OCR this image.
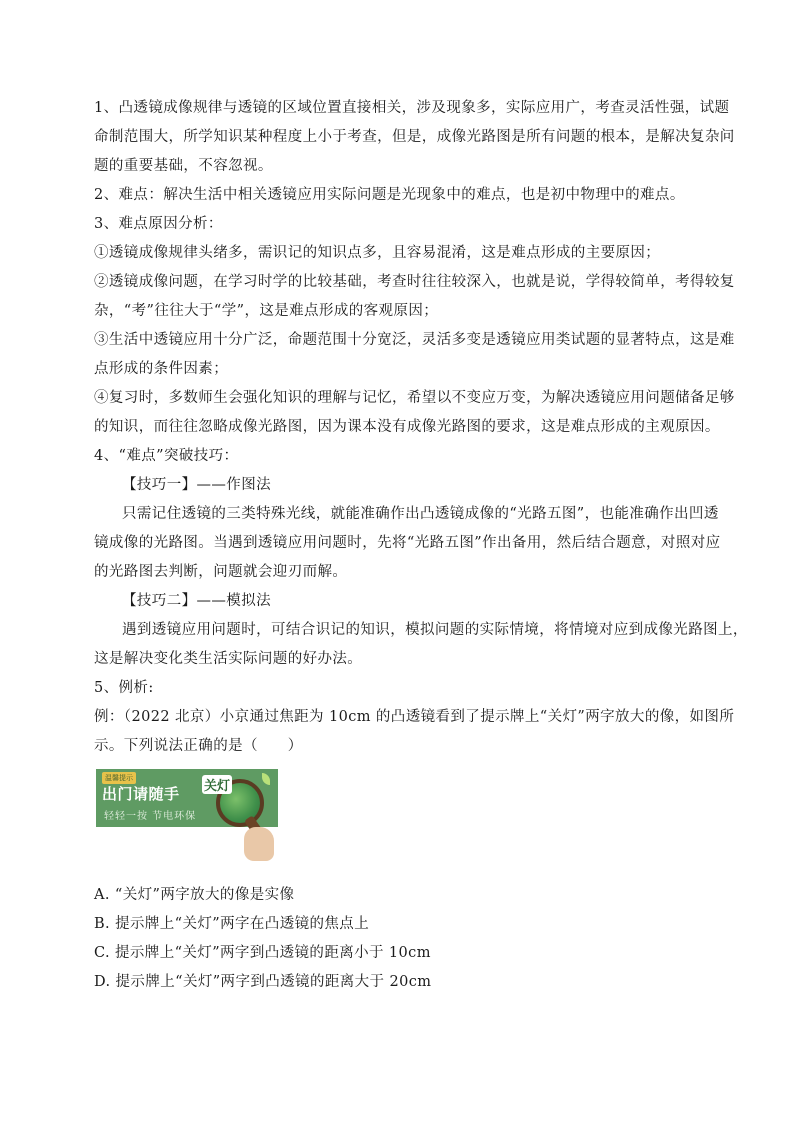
1、凸透镜成像规律与透镜的区域位置直接相关，涉及现象多，实际应用广，考查灵活性强，试题
命制范围大，所学知识某种程度上小于考查，但是，成像光路图是所有问题的根本，是解决复杂问
题的重要基础，不容忽视。
2、难点：解决生活中相关透镜应用实际问题是光现象中的难点，也是初中物理中的难点。
3、难点原因分析：
①透镜成像规律头绪多，需识记的知识点多，且容易混淆，这是难点形成的主要原因；
②透镜成像问题，在学习时学的比较基础，考查时往往较深入，也就是说，学得较简单，考得较复
杂，“考”往往大于“学”，这是难点形成的客观原因；
③生活中透镜应用十分广泛，命题范围十分宽泛，灵活多变是透镜应用类试题的显著特点，这是难
点形成的条件因素；
④复习时，多数师生会强化知识的理解与记忆，希望以不变应万变，为解决透镜应用问题储备足够
的知识，而往往忽略成像光路图，因为课本没有成像光路图的要求，这是难点形成的主观原因。
4、“难点”突破技巧：
【技巧一】——作图法
只需记住透镜的三类特殊光线，就能准确作出凸透镜成像的“光路五图”，也能准确作出凹透
镜成像的光路图。当遇到透镜应用问题时，先将“光路五图”作出备用，然后结合题意，对照对应
的光路图去判断，问题就会迎刃而解。
【技巧二】——模拟法
遇到透镜应用问题时，可结合识记的知识，模拟问题的实际情境，将情境对应到成像光路图上，
这是解决变化类生活实际问题的好办法。
5、例析:
例：（2022 北京）小京通过焦距为 10cm 的凸透镜看到了提示牌上“关灯”两字放大的像，如图所
示。下列说法正确的是（　　）
温馨提示
出门请随手
轻轻一按 节电环保
关灯
A. “关灯”两字放大的像是实像
B. 提示牌上“关灯”两字在凸透镜的焦点上
C. 提示牌上“关灯”两字到凸透镜的距离小于 10cm
D. 提示牌上“关灯”两字到凸透镜的距离大于 20cm
